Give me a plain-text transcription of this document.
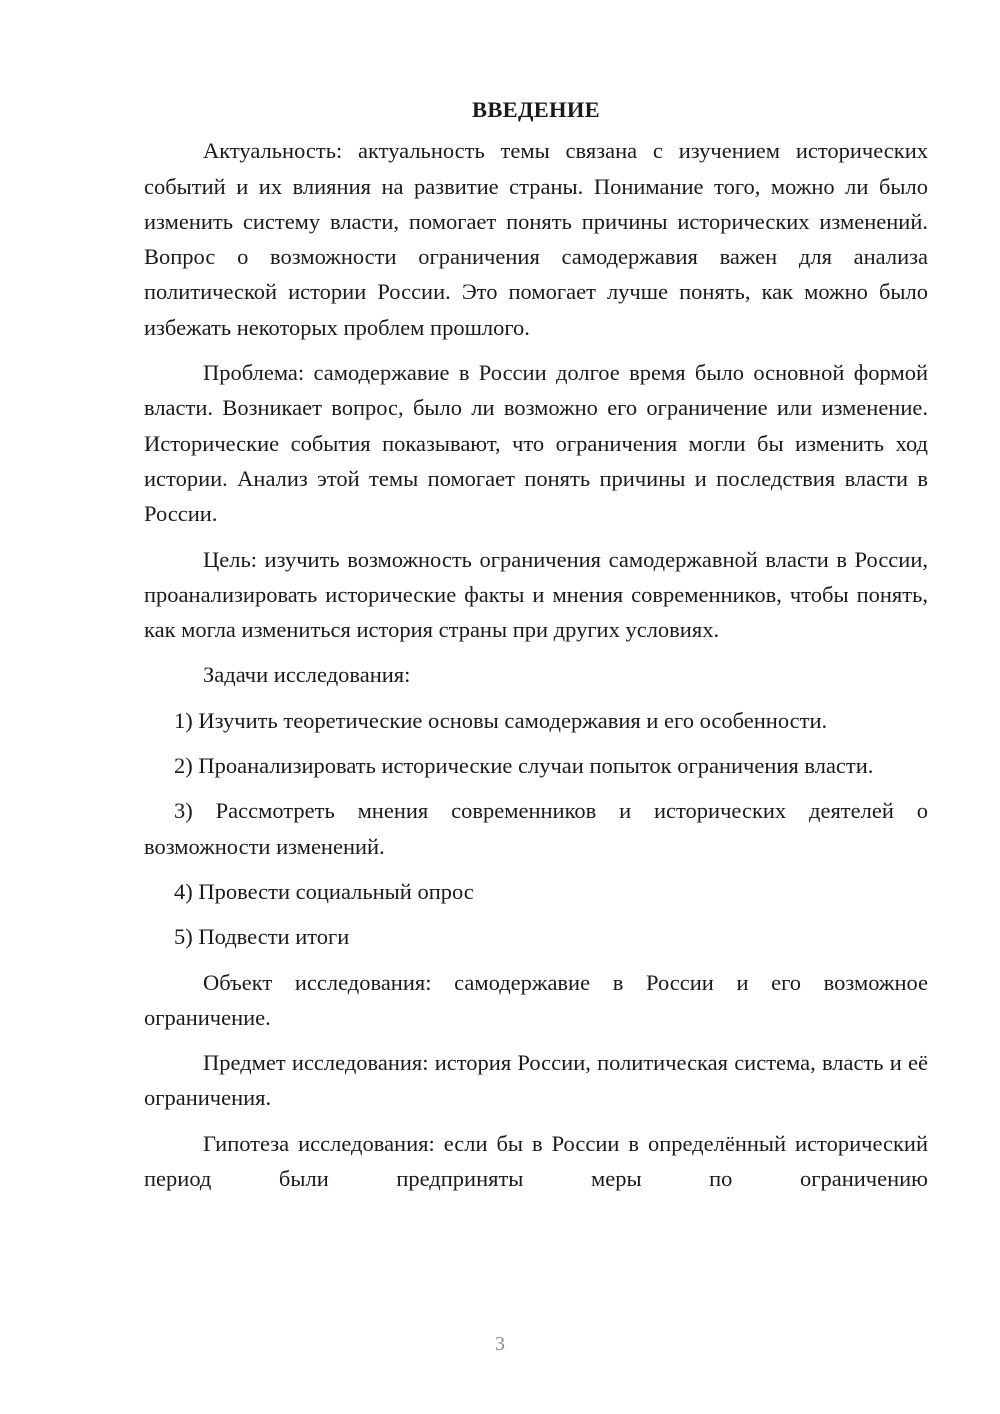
ВВЕДЕНИЕ

Актуальность: актуальность темы связана с изучением исторических событий и их влияния на развитие страны. Понимание того, можно ли было изменить систему власти, помогает понять причины исторических изменений. Вопрос о возможности ограничения самодержавия важен для анализа политической истории России. Это помогает лучше понять, как можно было избежать некоторых проблем прошлого.

Проблема: самодержавие в России долгое время было основной формой власти. Возникает вопрос, было ли возможно его ограничение или изменение. Исторические события показывают, что ограничения могли бы изменить ход истории. Анализ этой темы помогает понять причины и последствия власти в России.

Цель: изучить возможность ограничения самодержавной власти в России, проанализировать исторические факты и мнения современников, чтобы понять, как могла измениться история страны при других условиях.

Задачи исследования:

1) Изучить теоретические основы самодержавия и его особенности.

2) Проанализировать исторические случаи попыток ограничения власти.

3) Рассмотреть мнения современников и исторических деятелей о возможности изменений.

4) Провести социальный опрос

5) Подвести итоги

Объект исследования: самодержавие в России и его возможное ограничение.

Предмет исследования: история России, политическая система, власть и её ограничения.

Гипотеза исследования: если бы в России в определённый исторический период были предприняты меры по ограничению

3
